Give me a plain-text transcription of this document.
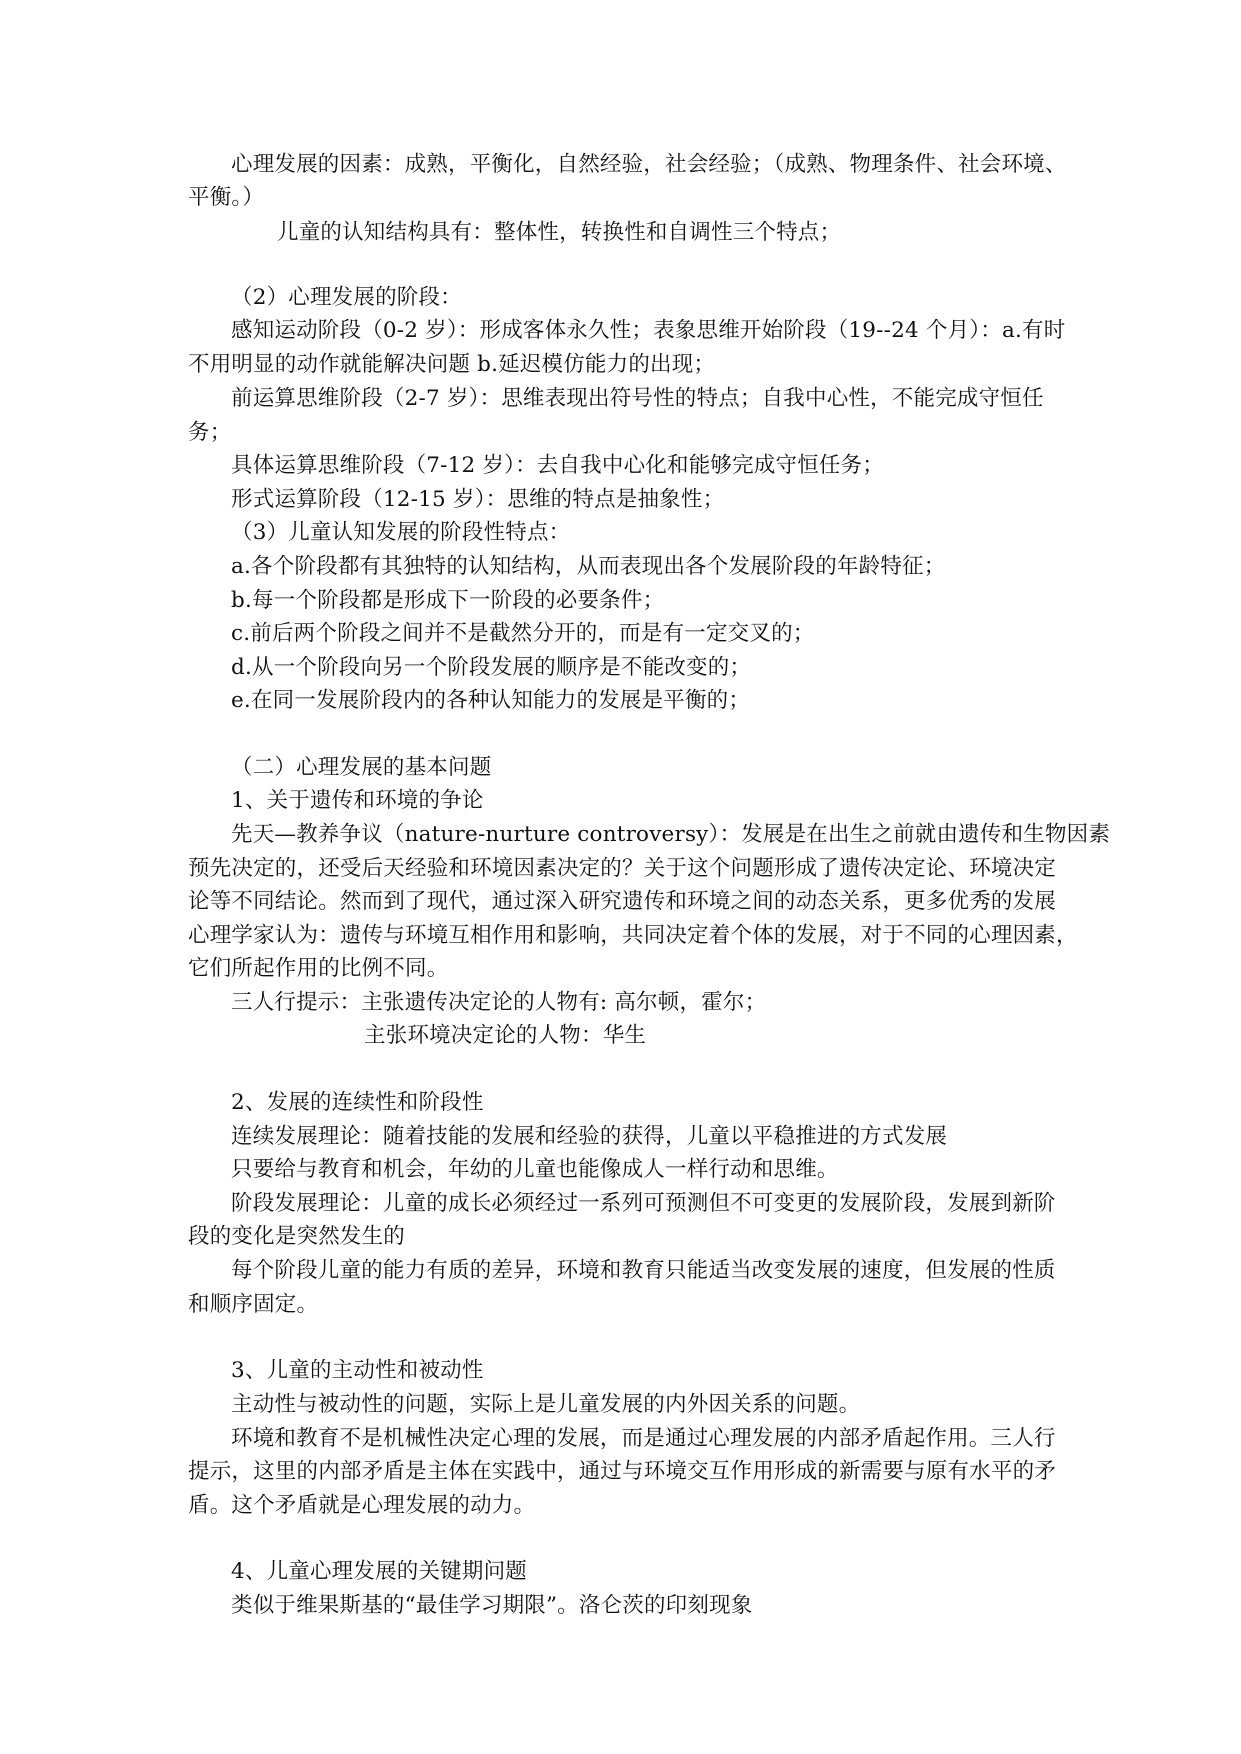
心理发展的因素：成熟，平衡化，自然经验，社会经验；（成熟、物理条件、社会环境、
平衡。）
儿童的认知结构具有：整体性，转换性和自调性三个特点；
（2）心理发展的阶段：
感知运动阶段（0-2 岁）：形成客体永久性；表象思维开始阶段（19--24 个月）：a.有时
不用明显的动作就能解决问题 b.延迟模仿能力的出现；
前运算思维阶段（2-7 岁）：思维表现出符号性的特点；自我中心性，不能完成守恒任
务；
具体运算思维阶段（7-12 岁）：去自我中心化和能够完成守恒任务；
形式运算阶段（12-15 岁）：思维的特点是抽象性；
（3）儿童认知发展的阶段性特点：
a.各个阶段都有其独特的认知结构，从而表现出各个发展阶段的年龄特征；
b.每一个阶段都是形成下一阶段的必要条件；
c.前后两个阶段之间并不是截然分开的，而是有一定交叉的；
d.从一个阶段向另一个阶段发展的顺序是不能改变的；
e.在同一发展阶段内的各种认知能力的发展是平衡的；
（二）心理发展的基本问题
1、关于遗传和环境的争论
先天—教养争议（nature-nurture controversy）：发展是在出生之前就由遗传和生物因素
预先决定的，还受后天经验和环境因素决定的？关于这个问题形成了遗传决定论、环境决定
论等不同结论。然而到了现代，通过深入研究遗传和环境之间的动态关系，更多优秀的发展
心理学家认为：遗传与环境互相作用和影响，共同决定着个体的发展，对于不同的心理因素，
它们所起作用的比例不同。
三人行提示：主张遗传决定论的人物有: 高尔顿，霍尔；
主张环境决定论的人物：华生
2、发展的连续性和阶段性
连续发展理论：随着技能的发展和经验的获得，儿童以平稳推进的方式发展
只要给与教育和机会，年幼的儿童也能像成人一样行动和思维。
阶段发展理论：儿童的成长必须经过一系列可预测但不可变更的发展阶段，发展到新阶
段的变化是突然发生的
每个阶段儿童的能力有质的差异，环境和教育只能适当改变发展的速度，但发展的性质
和顺序固定。
3、儿童的主动性和被动性
主动性与被动性的问题，实际上是儿童发展的内外因关系的问题。
环境和教育不是机械性决定心理的发展，而是通过心理发展的内部矛盾起作用。三人行
提示，这里的内部矛盾是主体在实践中，通过与环境交互作用形成的新需要与原有水平的矛
盾。这个矛盾就是心理发展的动力。
4、儿童心理发展的关键期问题
类似于维果斯基的“最佳学习期限”。洛仑茨的印刻现象
